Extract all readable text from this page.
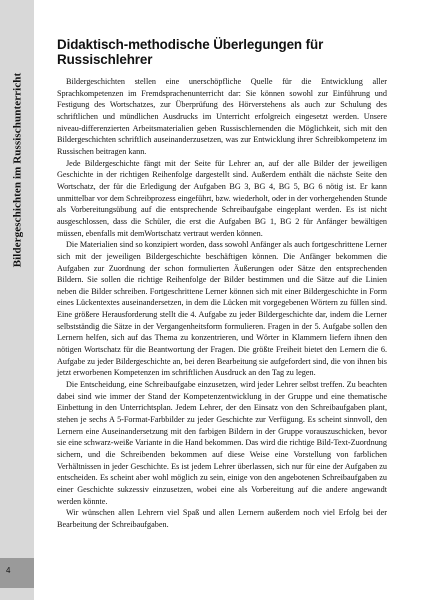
Bildergeschichten im Russischunterricht
4
Didaktisch-methodische Überlegungen für Russischlehrer

Bildergeschichten stellen eine unerschöpfliche Quelle für die Entwicklung aller Sprachkompetenzen im Fremdsprachenunterricht dar: Sie können sowohl zur Einführung und Festigung des Wortschatzes, zur Überprüfung des Hörverstehens als auch zur Schulung des schriftlichen und mündlichen Ausdrucks im Unterricht erfolgreich eingesetzt werden. Unsere niveau-differenzierten Arbeitsmaterialien geben Russischlernenden die Möglichkeit, sich mit den Bildergeschichten schriftlich auseinanderzusetzen, was zur Entwicklung ihrer Schreibkompetenz im Russischen beitragen kann.

Jede Bildergeschichte fängt mit der Seite für Lehrer an, auf der alle Bilder der jeweiligen Geschichte in der richtigen Reihenfolge dargestellt sind. Außerdem enthält die nächste Seite den Wortschatz, der für die Erledigung der Aufgaben BG 3, BG 4, BG 5, BG 6 nötig ist. Er kann unmittelbar vor dem Schreibprozess eingeführt, bzw. wiederholt, oder in der vorhergehenden Stunde als Vorbereitungsübung auf die entsprechende Schreibaufgabe eingeplant werden. Es ist nicht ausgeschlossen, dass die Schüler, die erst die Aufgaben BG 1, BG 2 für Anfänger bewältigen müssen, ebenfalls mit demWortschatz vertraut werden können.

Die Materialien sind so konzipiert worden, dass sowohl Anfänger als auch fortgeschrittene Lerner sich mit der jeweiligen Bildergeschichte beschäftigen können. Die Anfänger bekommen die Aufgaben zur Zuordnung der schon formulierten Äußerungen oder Sätze den entsprechenden Bildern. Sie sollen die richtige Reihenfolge der Bilder bestimmen und die Sätze auf die Linien neben die Bilder schreiben. Fortgeschrittene Lerner können sich mit einer Bildergeschichte in Form eines Lückentextes auseinandersetzen, in dem die Lücken mit vorgegebenen Wörtern zu füllen sind. Eine größere Herausforderung stellt die 4. Aufgabe zu jeder Bildergeschichte dar, indem die Lerner selbstständig die Sätze in der Vergangenheitsform formulieren. Fragen in der 5. Aufgabe sollen den Lernern helfen, sich auf das Thema zu konzentrieren, und Wörter in Klammern liefern ihnen den nötigen Wortschatz für die Beantwortung der Fragen. Die größte Freiheit bietet den Lernern die 6. Aufgabe zu jeder Bildergeschichte an, bei deren Bearbeitung sie aufgefordert sind, die von ihnen bis jetzt erworbenen Kompetenzen im schriftlichen Ausdruck an den Tag zu legen.

Die Entscheidung, eine Schreibaufgabe einzusetzen, wird jeder Lehrer selbst treffen. Zu beachten dabei sind wie immer der Stand der Kompetenzentwicklung in der Gruppe und eine thematische Einbettung in den Unterrichtsplan. Jedem Lehrer, der den Einsatz von den Schreibaufgaben plant, stehen je sechs A 5-Format-Farbbilder zu jeder Geschichte zur Verfügung. Es scheint sinnvoll, den Lernern eine Auseinandersetzung mit den farbigen Bildern in der Gruppe vorauszuschicken, bevor sie eine schwarz-weiße Variante in die Hand bekommen. Das wird die richtige Bild-Text-Zuordnung sichern, und die Schreibenden bekommen auf diese Weise eine Vorstellung von farblichen Verhältnissen in jeder Geschichte. Es ist jedem Lehrer überlassen, sich nur für eine der Aufgaben zu entscheiden. Es scheint aber wohl möglich zu sein, einige von den angebotenen Schreibaufgaben zu einer Geschichte sukzessiv einzusetzen, wobei eine als Vorbereitung auf die andere angewandt werden könnte.

Wir wünschen allen Lehrern viel Spaß und allen Lernern außerdem noch viel Erfolg bei der Bearbeitung der Schreibaufgaben.
